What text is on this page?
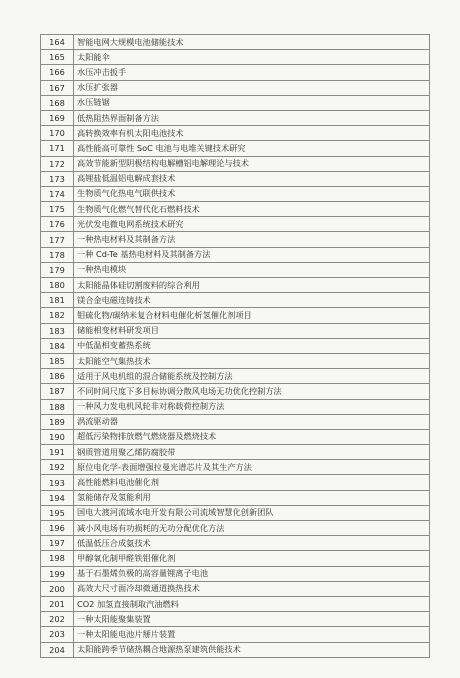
164	智能电网大规模电池储能技术
165	太阳能伞
166	水压冲击扳手
167	水压扩张器
168	水压链锯
169	低热阻热界面制备方法
170	高转换效率有机太阳电池技术
171	高性能高可靠性 SoC 电池与电堆关键技术研究
172	高效节能新型阴极结构电解槽铝电解理论与技术
173	高锂盐低温铝电解成套技术
174	生物质气化热电气联供技术
175	生物质气化燃气替代化石燃料技术
176	光伏发电微电网系统技术研究
177	一种热电材料及其制备方法
178	一种 Cd-Te 基热电材料及其制备方法
179	一种热电模块
180	太阳能晶体硅切割废料的综合利用
181	镁合金电磁连铸技术
182	钼硫化物/碳纳米复合材料电催化析氢催化剂项目
183	储能相变材料研发项目
184	中低温相变蓄热系统
185	太阳能空气集热技术
186	适用于风电机组的混合储能系统及控制方法
187	不同时间尺度下多目标协调分散风电场无功优化控制方法
188	一种风力发电机风轮非对称载荷控制方法
189	涡流驱动器
190	超低污染物排放燃气燃烧器及燃烧技术
191	钢质管道用聚乙烯防腐胶带
192	原位电化学-表面增强拉曼光谱芯片及其生产方法
193	高性能燃料电池催化剂
194	氢能储存及氢能利用
195	国电大渡河流域水电开发有限公司流域智慧化创新团队
196	减小风电场有功损耗的无功分配优化方法
197	低温低压合成氨技术
198	甲醇氧化制甲醛铁钼催化剂
199	基于石墨烯负极的高容量锂离子电池
200	高效大尺寸面冷却微通道换热技术
201	CO2 加氢直接制取汽油燃料
202	一种太阳能聚集装置
203	一种太阳能电池片掰片装置
204	太阳能跨季节储热耦合地源热泵建筑供能技术
